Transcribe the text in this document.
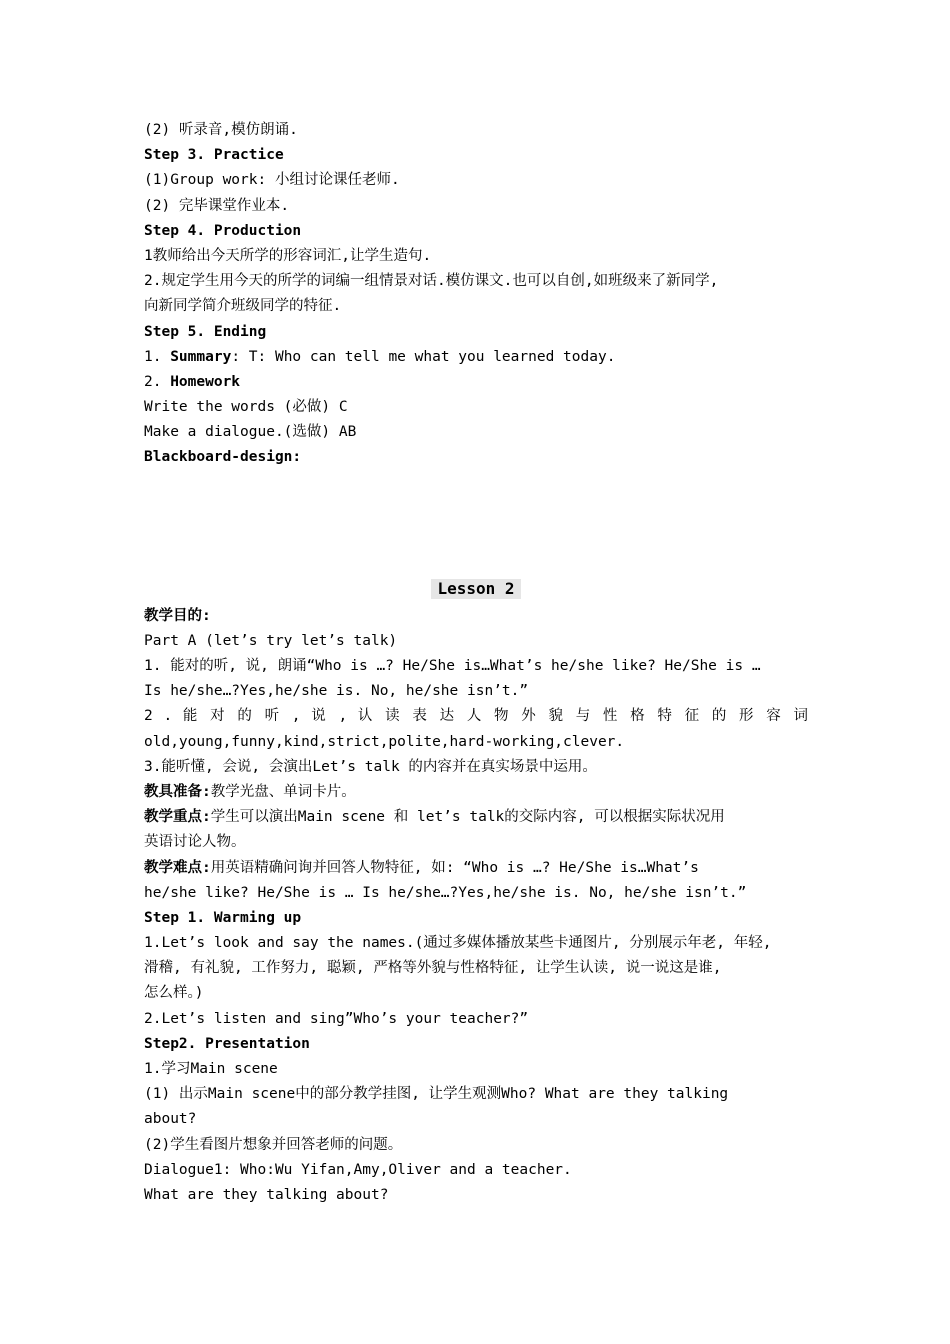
(2) 听录音,模仿朗诵.
Step 3. Practice
(1)Group work: 小组讨论课任老师.
(2) 完毕课堂作业本.
Step 4. Production
1教师给出今天所学的形容词汇,让学生造句.
2.规定学生用今天的所学的词编一组情景对话.模仿课文.也可以自创,如班级来了新同学,
向新同学简介班级同学的特征.
Step 5. Ending
1. Summary: T: Who can tell me what you learned today.
2. Homework
Write the words (必做) C
Make a dialogue.(选做) AB
Blackboard-design:
Lesson 2
教学目的:
Part A (let’s try let’s talk)
1. 能对的听, 说, 朗诵“Who is …? He/She is…What’s he/she like? He/She is …
Is he/she…?Yes,he/she is. No, he/she isn’t.”
2 . 能 对 的 听 , 说 , 认 读 表 达 人 物 外 貌 与 性 格 特 征 的 形 容 词
old,young,funny,kind,strict,polite,hard-working,clever.
3.能听懂, 会说, 会演出Let’s talk 的内容并在真实场景中运用。
教具准备:教学光盘、单词卡片。
教学重点:学生可以演出Main scene 和 let’s talk的交际内容, 可以根据实际状况用
英语讨论人物。
教学难点:用英语精确问询并回答人物特征, 如: “Who is …? He/She is…What’s
he/she like? He/She is … Is he/she…?Yes,he/she is. No, he/she isn’t.”
Step 1. Warming up
1.Let’s look and say the names.(通过多媒体播放某些卡通图片, 分别展示年老, 年轻,
滑稽, 有礼貌, 工作努力, 聪颖, 严格等外貌与性格特征, 让学生认读, 说一说这是谁,
怎么样。)
2.Let’s listen and sing”Who’s your teacher?”
Step2. Presentation
1.学习Main scene
(1) 出示Main scene中的部分教学挂图, 让学生观测Who? What are they talking
about?
(2)学生看图片想象并回答老师的问题。
Dialogue1: Who:Wu Yifan,Amy,Oliver and a teacher.
What are they talking about?
